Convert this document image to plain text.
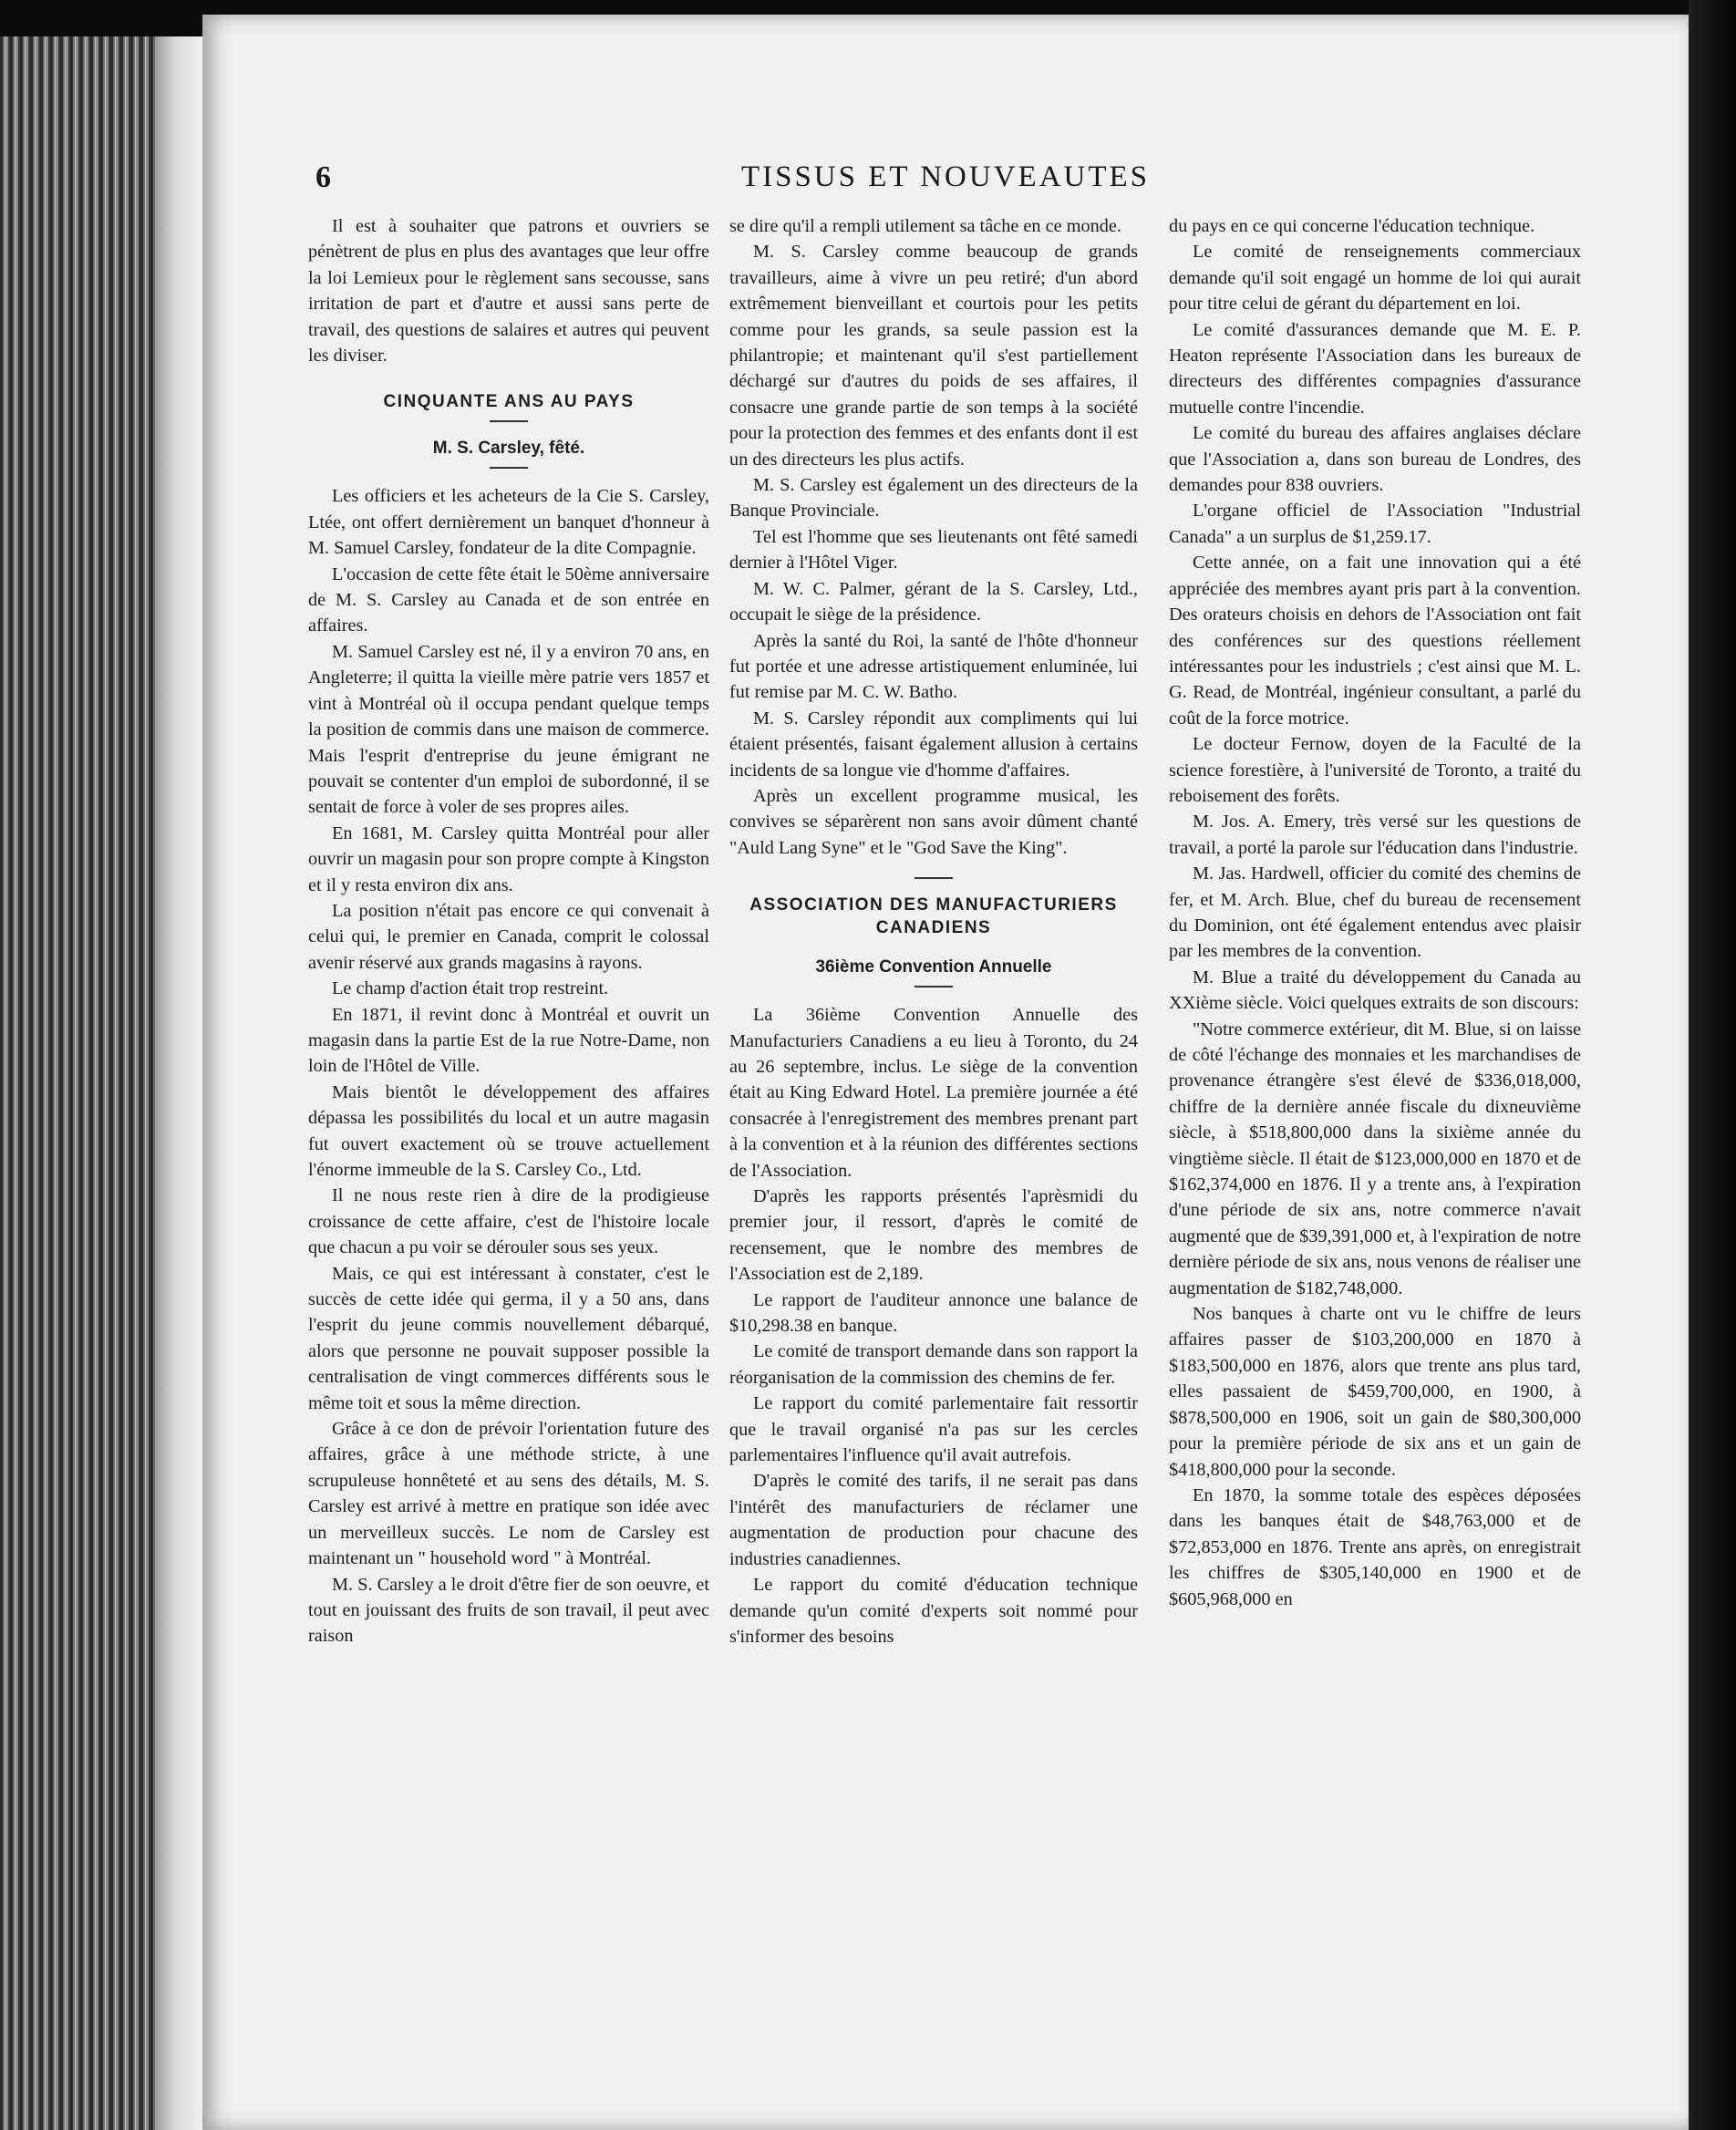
6	TISSUS ET NOUVEAUTES

Il est à souhaiter que patrons et ouvriers se pénètrent de plus en plus des avantages que leur offre la loi Lemieux pour le règlement sans secousse, sans irritation de part et d'autre et aussi sans perte de travail, des questions de salaires et autres qui peuvent les diviser.

CINQUANTE ANS AU PAYS
M. S. Carsley, fêté.

Les officiers et les acheteurs de la Cie S. Carsley, Ltée, ont offert dernièrement un banquet d'honneur à M. Samuel Carsley, fondateur de la dite Compagnie.

L'occasion de cette fête était le 50ème anniversaire de M. S. Carsley au Canada et de son entrée en affaires.

M. Samuel Carsley est né, il y a environ 70 ans, en Angleterre; il quitta la vieille mère patrie vers 1857 et vint à Montréal où il occupa pendant quelque temps la position de commis dans une maison de commerce. Mais l'esprit d'entreprise du jeune émigrant ne pouvait se contenter d'un emploi de subordonné, il se sentait de force à voler de ses propres ailes.

En 1681, M. Carsley quitta Montréal pour aller ouvrir un magasin pour son propre compte à Kingston et il y resta environ dix ans.

La position n'était pas encore ce qui convenait à celui qui, le premier en Canada, comprit le colossal avenir réservé aux grands magasins à rayons.

Le champ d'action était trop restreint.

En 1871, il revint donc à Montréal et ouvrit un magasin dans la partie Est de la rue Notre-Dame, non loin de l'Hôtel de Ville.

Mais bientôt le développement des affaires dépassa les possibilités du local et un autre magasin fut ouvert exactement où se trouve actuellement l'énorme immeuble de la S. Carsley Co., Ltd.

Il ne nous reste rien à dire de la prodigieuse croissance de cette affaire, c'est de l'histoire locale que chacun a pu voir se dérouler sous ses yeux.

Mais, ce qui est intéressant à constater, c'est le succès de cette idée qui germa, il y a 50 ans, dans l'esprit du jeune commis nouvellement débarqué, alors que personne ne pouvait supposer possible la centralisation de vingt commerces différents sous le même toit et sous la même direction.

Grâce à ce don de prévoir l'orientation future des affaires, grâce à une méthode stricte, à une scrupuleuse honnêteté et au sens des détails, M. S. Carsley est arrivé à mettre en pratique son idée avec un merveilleux succès. Le nom de Carsley est maintenant un " household word " à Montréal.

M. S. Carsley a le droit d'être fier de son oeuvre, et tout en jouissant des fruits de son travail, il peut avec raison

se dire qu'il a rempli utilement sa tâche en ce monde.

M. S. Carsley comme beaucoup de grands travailleurs, aime à vivre un peu retiré; d'un abord extrêmement bienveillant et courtois pour les petits comme pour les grands, sa seule passion est la philantropie; et maintenant qu'il s'est partiellement déchargé sur d'autres du poids de ses affaires, il consacre une grande partie de son temps à la société pour la protection des femmes et des enfants dont il est un des directeurs les plus actifs.

M. S. Carsley est également un des directeurs de la Banque Provinciale.

Tel est l'homme que ses lieutenants ont fêté samedi dernier à l'Hôtel Viger.

M. W. C. Palmer, gérant de la S. Carsley, Ltd., occupait le siège de la présidence.

Après la santé du Roi, la santé de l'hôte d'honneur fut portée et une adresse artistiquement enluminée, lui fut remise par M. C. W. Batho.

M. S. Carsley répondit aux compliments qui lui étaient présentés, faisant également allusion à certains incidents de sa longue vie d'homme d'affaires.

Après un excellent programme musical, les convives se séparèrent non sans avoir dûment chanté "Auld Lang Syne" et le "God Save the King".

ASSOCIATION DES MANUFACTURIERS CANADIENS
36ième Convention Annuelle

La 36ième Convention Annuelle des Manufacturiers Canadiens a eu lieu à Toronto, du 24 au 26 septembre, inclus. Le siège de la convention était au King Edward Hotel. La première journée a été consacrée à l'enregistrement des membres prenant part à la convention et à la réunion des différentes sections de l'Association.

D'après les rapports présentés l'aprèsmidi du premier jour, il ressort, d'après le comité de recensement, que le nombre des membres de l'Association est de 2,189.

Le rapport de l'auditeur annonce une balance de $10,298.38 en banque.

Le comité de transport demande dans son rapport la réorganisation de la commission des chemins de fer.

Le rapport du comité parlementaire fait ressortir que le travail organisé n'a pas sur les cercles parlementaires l'influence qu'il avait autrefois.

D'après le comité des tarifs, il ne serait pas dans l'intérêt des manufacturiers de réclamer une augmentation de production pour chacune des industries canadiennes.

Le rapport du comité d'éducation technique demande qu'un comité d'experts soit nommé pour s'informer des besoins

du pays en ce qui concerne l'éducation technique.

Le comité de renseignements commerciaux demande qu'il soit engagé un homme de loi qui aurait pour titre celui de gérant du département en loi.

Le comité d'assurances demande que M. E. P. Heaton représente l'Association dans les bureaux de directeurs des différentes compagnies d'assurance mutuelle contre l'incendie.

Le comité du bureau des affaires anglaises déclare que l'Association a, dans son bureau de Londres, des demandes pour 838 ouvriers.

L'organe officiel de l'Association "Industrial Canada" a un surplus de $1,259.17.

Cette année, on a fait une innovation qui a été appréciée des membres ayant pris part à la convention. Des orateurs choisis en dehors de l'Association ont fait des conférences sur des questions réellement intéressantes pour les industriels ; c'est ainsi que M. L. G. Read, de Montréal, ingénieur consultant, a parlé du coût de la force motrice.

Le docteur Fernow, doyen de la Faculté de la science forestière, à l'université de Toronto, a traité du reboisement des forêts.

M. Jos. A. Emery, très versé sur les questions de travail, a porté la parole sur l'éducation dans l'industrie.

M. Jas. Hardwell, officier du comité des chemins de fer, et M. Arch. Blue, chef du bureau de recensement du Dominion, ont été également entendus avec plaisir par les membres de la convention.

M. Blue a traité du développement du Canada au XXième siècle. Voici quelques extraits de son discours:

"Notre commerce extérieur, dit M. Blue, si on laisse de côté l'échange des monnaies et les marchandises de provenance étrangère s'est élevé de $336,018,000, chiffre de la dernière année fiscale du dixneuvième siècle, à $518,800,000 dans la sixième année du vingtième siècle. Il était de $123,000,000 en 1870 et de $162,374,000 en 1876. Il y a trente ans, à l'expiration d'une période de six ans, notre commerce n'avait augmenté que de $39,391,000 et, à l'expiration de notre dernière période de six ans, nous venons de réaliser une augmentation de $182,748,000.

Nos banques à charte ont vu le chiffre de leurs affaires passer de $103,200,000 en 1870 à $183,500,000 en 1876, alors que trente ans plus tard, elles passaient de $459,700,000, en 1900, à $878,500,000 en 1906, soit un gain de $80,300,000 pour la première période de six ans et un gain de $418,800,000 pour la seconde.

En 1870, la somme totale des espèces déposées dans les banques était de $48,763,000 et de $72,853,000 en 1876. Trente ans après, on enregistrait les chiffres de $305,140,000 en 1900 et de $605,968,000 en
